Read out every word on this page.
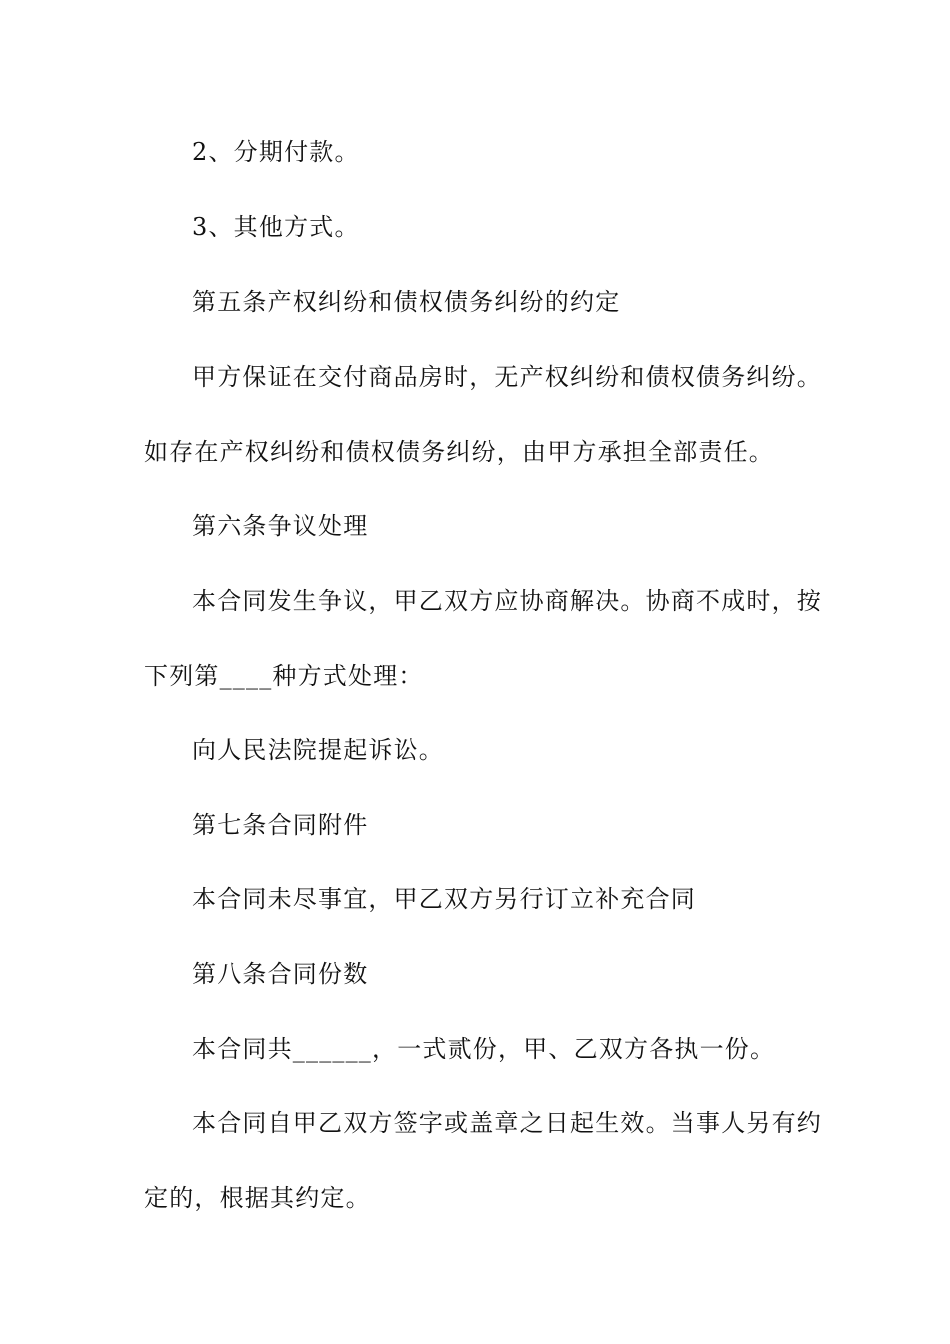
2、分期付款。
3、其他方式。
第五条产权纠纷和债权债务纠纷的约定
甲方保证在交付商品房时，无产权纠纷和债权债务纠纷。
如存在产权纠纷和债权债务纠纷，由甲方承担全部责任。
第六条争议处理
本合同发生争议，甲乙双方应协商解决。协商不成时，按
下列第____种方式处理：
向人民法院提起诉讼。
第七条合同附件
本合同未尽事宜，甲乙双方另行订立补充合同
第八条合同份数
本合同共______，一式贰份，甲、乙双方各执一份。
本合同自甲乙双方签字或盖章之日起生效。当事人另有约
定的，根据其约定。
